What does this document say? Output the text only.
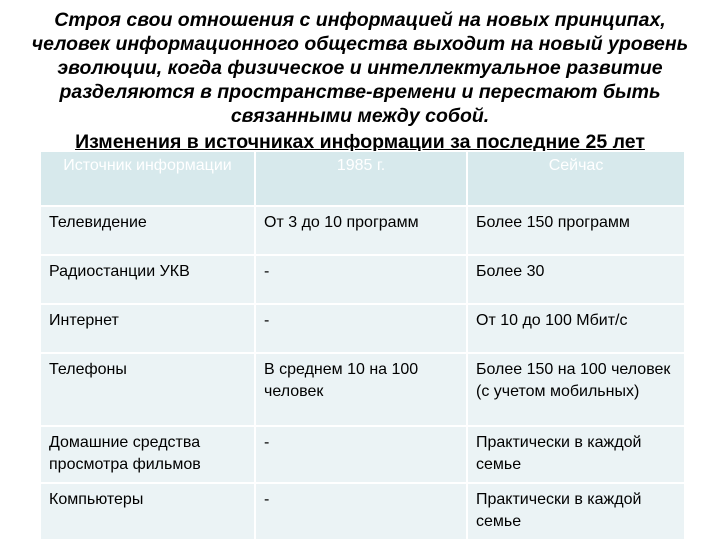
Строя свои отношения с информацией на новых принципах,
человек информационного общества выходит на новый уровень
эволюции, когда физическое и интеллектуальное развитие
разделяются в пространстве-времени и перестают быть
связанными между собой.
Изменения в источниках информации за последние 25 лет
Источник информации	1985 г.	Сейчас
Телевидение	От 3 до 10 программ	Более 150 программ
Радиостанции УКВ	-	Более 30
Интернет	-	От 10 до 100 Мбит/с
Телефоны	В среднем 10 на 100 человек	Более 150 на 100 человек (с учетом мобильных)
Домашние средства просмотра фильмов	-	Практически в каждой семье
Компьютеры	-	Практически в каждой семье
